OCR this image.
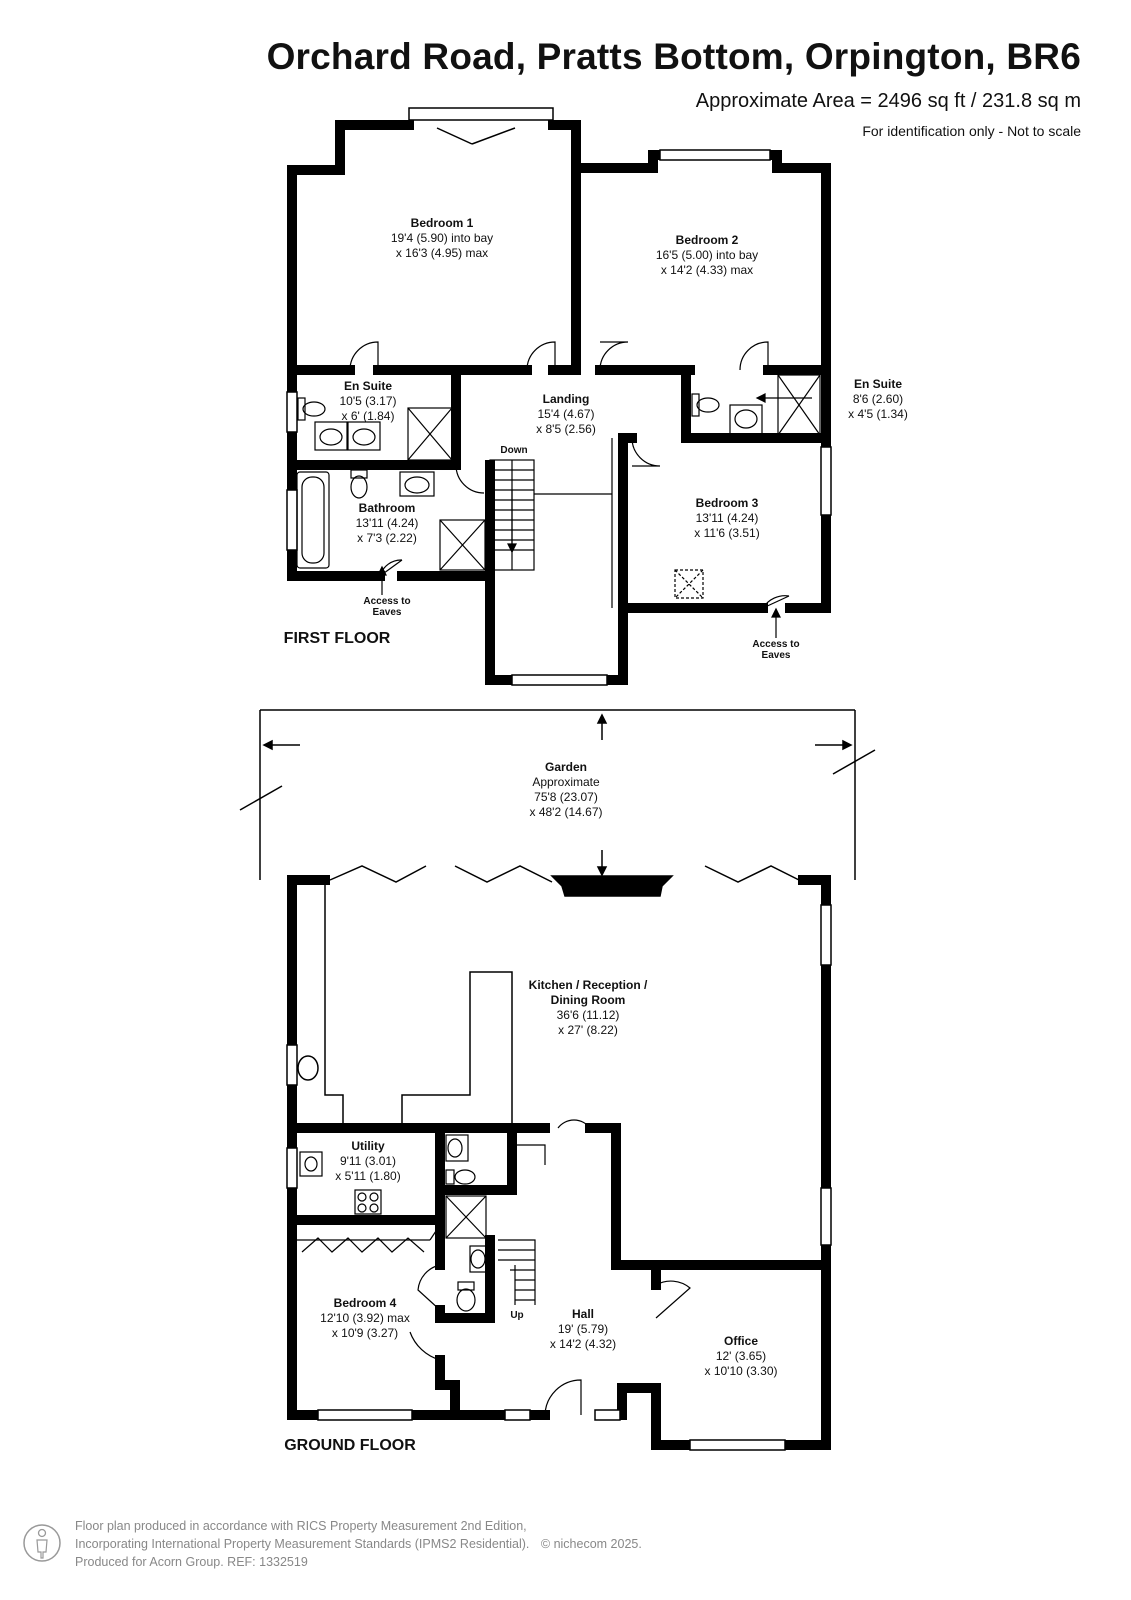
Orchard Road, Pratts Bottom, Orpington, BR6
Approximate Area = 2496 sq ft / 231.8 sq m
For identification only - Not to scale
Bedroom 1
19'4 (5.90) into bay
x 16'3 (4.95) max
Bedroom 2
16'5 (5.00) into bay
x 14'2 (4.33) max
En Suite
10'5 (3.17)
x 6' (1.84)
Landing
15'4 (4.67)
x 8'5 (2.56)
En Suite
8'6 (2.60)
x 4'5 (1.34)
Bathroom
13'11 (4.24)
x 7'3 (2.22)
Bedroom 3
13'11 (4.24)
x 11'6 (3.51)
Down
Access to
Eaves
Access to
Eaves
FIRST FLOOR
Garden
Approximate
75'8 (23.07)
x 48'2 (14.67)
Kitchen / Reception /
Dining Room
36'6 (11.12)
x 27' (8.22)
Utility
9'11 (3.01)
x 5'11 (1.80)
Bedroom 4
12'10 (3.92) max
x 10'9 (3.27)
Hall
19' (5.79)
x 14'2 (4.32)
Up
Office
12' (3.65)
x 10'10 (3.30)
GROUND FLOOR
Floor plan produced in accordance with RICS Property Measurement 2nd Edition,
Incorporating International Property Measurement Standards (IPMS2 Residential). © nichecom 2025.
Produced for Acorn Group. REF: 1332519
